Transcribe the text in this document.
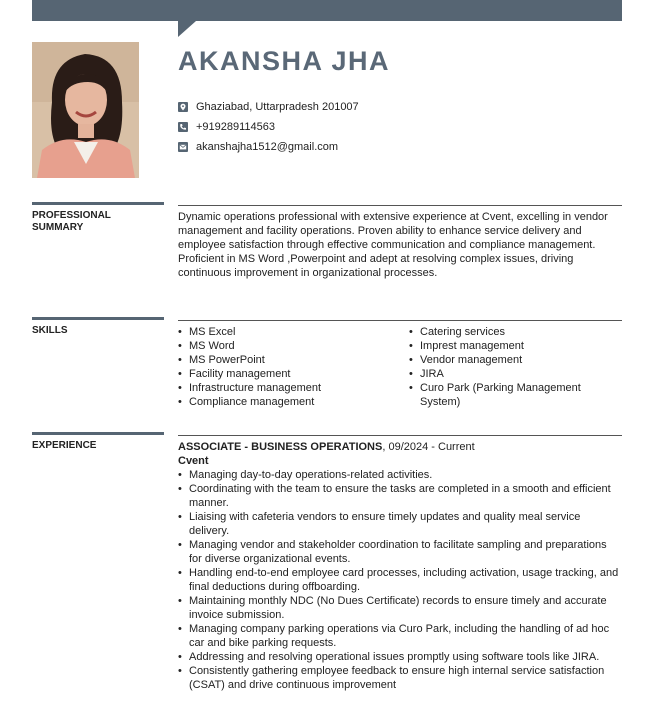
AKANSHA JHA
Ghaziabad, Uttarpradesh 201007
+919289114563
akanshajha1512@gmail.com
PROFESSIONAL
SUMMARY
Dynamic operations professional with extensive experience at Cvent, excelling in vendor management and facility operations. Proven ability to enhance service delivery and employee satisfaction through effective communication and compliance management. Proficient in MS Word ,Powerpoint and adept at resolving complex issues, driving continuous improvement in organizational processes.
SKILLS
•	MS Excel
• MS Word
• MS PowerPoint
• Facility management
• Infrastructure management
• Compliance management
• Catering services
• Imprest management
• Vendor management
• JIRA
• Curo Park (Parking Management System)
EXPERIENCE	ASSOCIATE - BUSINESS OPERATIONS, 09/2024 - Current
Cvent
• Managing day-to-day operations-related activities.
• Coordinating with the team to ensure the tasks are completed in a smooth and efficient manner.
• Liaising with cafeteria vendors to ensure timely updates and quality meal service delivery.
• Managing vendor and stakeholder coordination to facilitate sampling and preparations for diverse organizational events.
• Handling end-to-end employee card processes, including activation, usage tracking, and final deductions during offboarding.
• Maintaining monthly NDC (No Dues Certificate) records to ensure timely and accurate invoice submission.
• Managing company parking operations via Curo Park, including the handling of ad hoc car and bike parking requests.
• Addressing and resolving operational issues promptly using software tools like JIRA.
• Consistently gathering employee feedback to ensure high internal service satisfaction (CSAT) and drive continuous improvement
